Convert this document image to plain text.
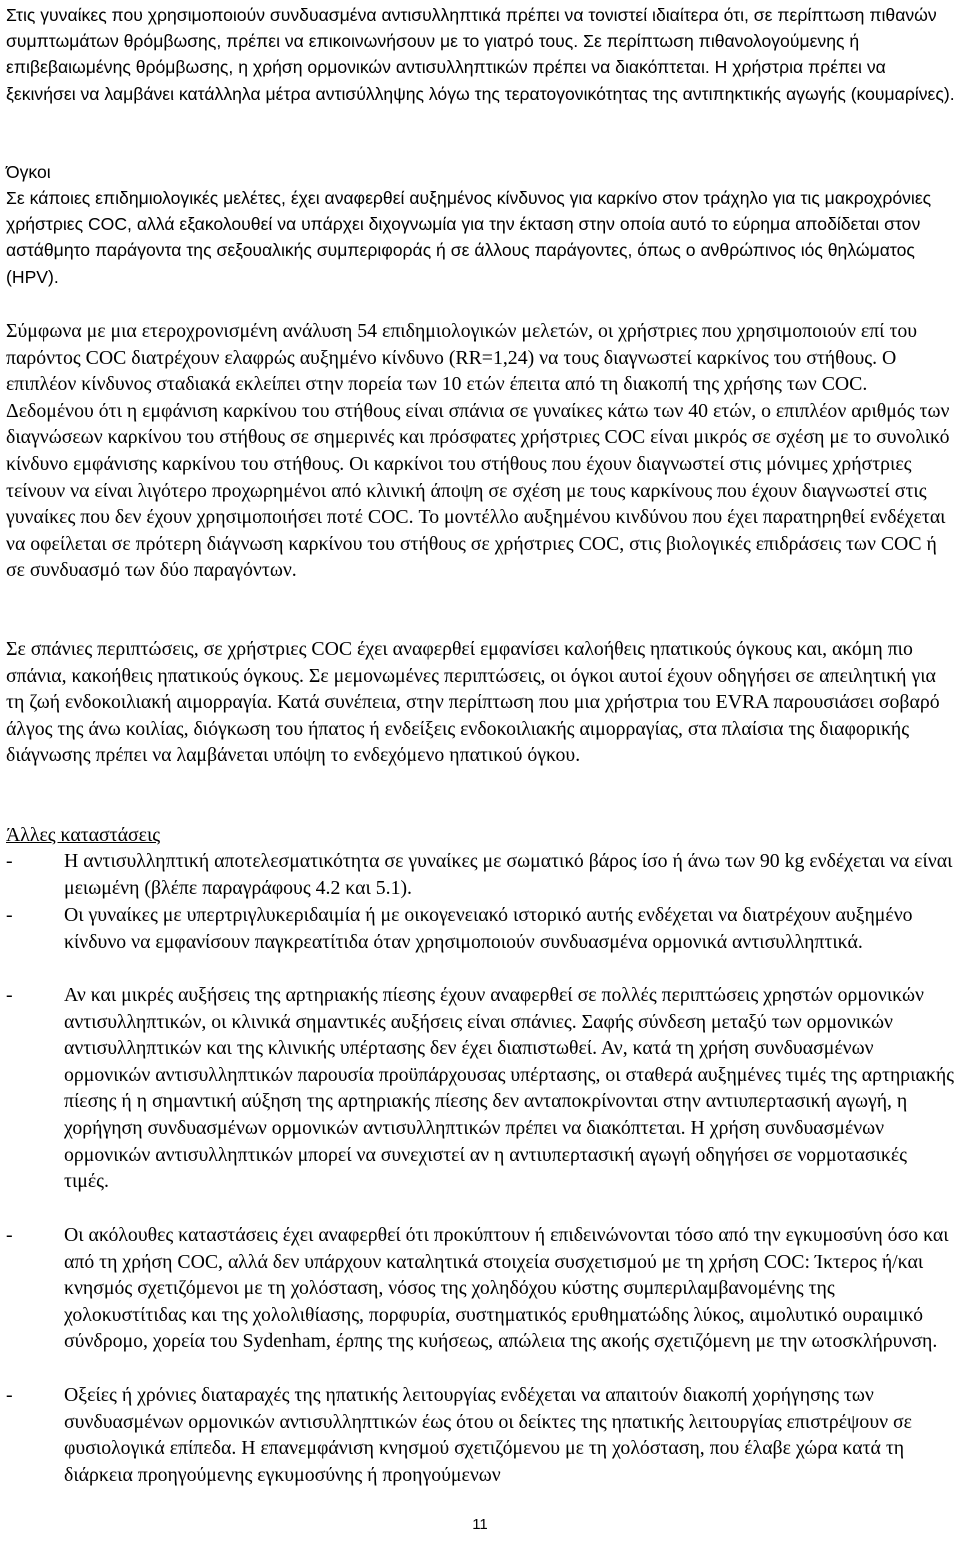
Στις γυναίκες που χρησιμοποιούν συνδυασμένα αντισυλληπτικά πρέπει να τονιστεί ιδιαίτερα ότι, σε περίπτωση πιθανών συμπτωμάτων θρόμβωσης, πρέπει να επικοινωνήσουν με το γιατρό τους. Σε περίπτωση πιθανολογούμενης ή επιβεβαιωμένης θρόμβωσης, η χρήση ορμονικών αντισυλληπτικών πρέπει να διακόπτεται. Η χρήστρια πρέπει να ξεκινήσει να λαμβάνει κατάλληλα μέτρα αντισύλληψης λόγω της τερατογονικότητας της αντιπηκτικής αγωγής (κουμαρίνες).

Όγκοι

Σε κάποιες επιδημιολογικές μελέτες, έχει αναφερθεί αυξημένος κίνδυνος για καρκίνο στον τράχηλο για τις μακροχρόνιες χρήστριες COC, αλλά εξακολουθεί να υπάρχει διχογνωμία για την έκταση στην οποία αυτό το εύρημα αποδίδεται στον αστάθμητο παράγοντα της σεξουαλικής συμπεριφοράς ή σε άλλους παράγοντες, όπως ο ανθρώπινος ιός θηλώματος (HPV).

Σύμφωνα με μια ετεροχρονισμένη ανάλυση 54 επιδημιολογικών μελετών, οι χρήστριες που χρησιμοποιούν επί του παρόντος COC διατρέχουν ελαφρώς αυξημένο κίνδυνο (RR=1,24) να τους διαγνωστεί καρκίνος του στήθους. Ο επιπλέον κίνδυνος σταδιακά εκλείπει στην πορεία των 10 ετών έπειτα από τη διακοπή της χρήσης των COC. Δεδομένου ότι η εμφάνιση καρκίνου του στήθους είναι σπάνια σε γυναίκες κάτω των 40 ετών, ο επιπλέον αριθμός των διαγνώσεων καρκίνου του στήθους σε σημερινές και πρόσφατες χρήστριες COC είναι μικρός σε σχέση με το συνολικό κίνδυνο εμφάνισης καρκίνου του στήθους. Οι καρκίνοι του στήθους που έχουν διαγνωστεί στις μόνιμες χρήστριες τείνουν να είναι λιγότερο προχωρημένοι από κλινική άποψη σε σχέση με τους καρκίνους που έχουν διαγνωστεί στις γυναίκες που δεν έχουν χρησιμοποιήσει ποτέ COC. Το μοντέλλο αυξημένου κινδύνου που έχει παρατηρηθεί ενδέχεται να οφείλεται σε πρότερη διάγνωση καρκίνου του στήθους σε χρήστριες COC, στις βιολογικές επιδράσεις των COC ή σε συνδυασμό των δύο παραγόντων.

Σε σπάνιες περιπτώσεις, σε χρήστριες COC έχει αναφερθεί εμφανίσει καλοήθεις ηπατικούς όγκους και, ακόμη πιο σπάνια, κακοήθεις ηπατικούς όγκους. Σε μεμονωμένες περιπτώσεις, οι όγκοι αυτοί έχουν οδηγήσει σε απειλητική για τη ζωή ενδοκοιλιακή αιμορραγία. Κατά συνέπεια, στην περίπτωση που μια χρήστρια του EVRA παρουσιάσει σοβαρό άλγος της άνω κοιλίας, διόγκωση του ήπατος ή ενδείξεις ενδοκοιλιακής αιμορραγίας, στα πλαίσια της διαφορικής διάγνωσης πρέπει να λαμβάνεται υπόψη το ενδεχόμενο ηπατικού όγκου.

Άλλες καταστάσεις

-	Η αντισυλληπτική αποτελεσματικότητα σε γυναίκες με σωματικό βάρος ίσο ή άνω των 90 kg ενδέχεται να είναι μειωμένη (βλέπε παραγράφους 4.2 και 5.1).
-	Οι γυναίκες με υπερτριγλυκεριδαιμία ή με οικογενειακό ιστορικό αυτής ενδέχεται να διατρέχουν αυξημένο κίνδυνο να εμφανίσουν παγκρεατίτιδα όταν χρησιμοποιούν συνδυασμένα ορμονικά αντισυλληπτικά.
-	Αν και μικρές αυξήσεις της αρτηριακής πίεσης έχουν αναφερθεί σε πολλές περιπτώσεις χρηστών ορμονικών αντισυλληπτικών, οι κλινικά σημαντικές αυξήσεις είναι σπάνιες. Σαφής σύνδεση μεταξύ των ορμονικών αντισυλληπτικών και της κλινικής υπέρτασης δεν έχει διαπιστωθεί. Αν, κατά τη χρήση συνδυασμένων ορμονικών αντισυλληπτικών παρουσία προϋπάρχουσας υπέρτασης, οι σταθερά αυξημένες τιμές της αρτηριακής πίεσης ή η σημαντική αύξηση της αρτηριακής πίεσης δεν ανταποκρίνονται στην αντιυπερτασική αγωγή, η χορήγηση συνδυασμένων ορμονικών αντισυλληπτικών πρέπει να διακόπτεται. Η χρήση συνδυασμένων ορμονικών αντισυλληπτικών μπορεί να συνεχιστεί αν η αντιυπερτασική αγωγή οδηγήσει σε νορμοτασικές τιμές.
-	Οι ακόλουθες καταστάσεις έχει αναφερθεί ότι προκύπτουν ή επιδεινώνονται τόσο από την εγκυμοσύνη όσο και από τη χρήση COC, αλλά δεν υπάρχουν καταλητικά στοιχεία συσχετισμού με τη χρήση COC: Ίκτερος ή/και κνησμός σχετιζόμενοι με τη χολόσταση, νόσος της χοληδόχου κύστης συμπεριλαμβανομένης της χολοκυστίτιδας και της χολολιθίασης, πορφυρία, συστηματικός ερυθηματώδης λύκος, αιμολυτικό ουραιμικό σύνδρομο, χορεία του Sydenham, έρπης της κυήσεως, απώλεια της ακοής σχετιζόμενη με την ωτοσκλήρυνση.
-	Οξείες ή χρόνιες διαταραχές της ηπατικής λειτουργίας ενδέχεται να απαιτούν διακοπή χορήγησης των συνδυασμένων ορμονικών αντισυλληπτικών έως ότου οι δείκτες της ηπατικής λειτουργίας επιστρέψουν σε φυσιολογικά επίπεδα. Η επανεμφάνιση κνησμού σχετιζόμενου με τη χολόσταση, που έλαβε χώρα κατά τη διάρκεια προηγούμενης εγκυμοσύνης ή προηγούμενων
11
